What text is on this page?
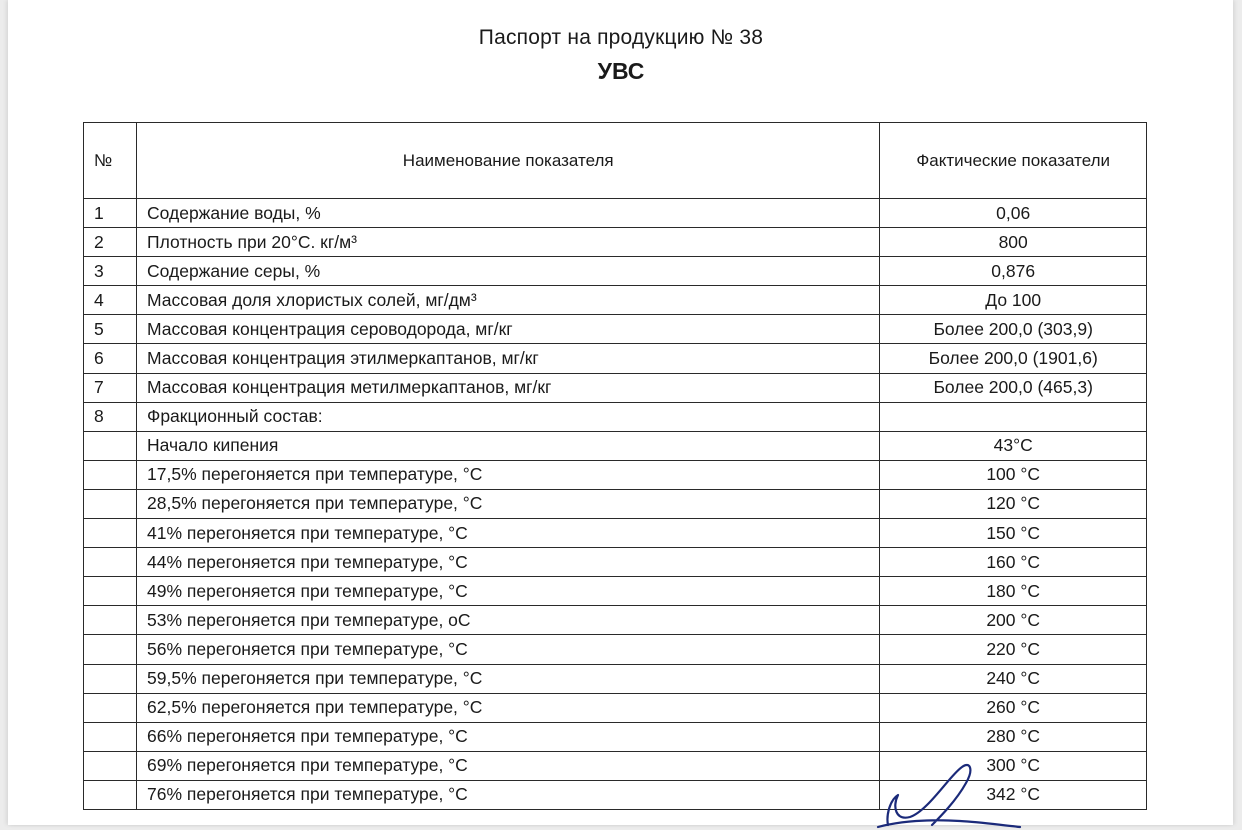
Паспорт на продукцию № 38
УВС
№	Наименование показателя	Фактические показатели
1	Содержание воды, %	0,06
2	Плотность при 20°С. кг/м³	800
3	Содержание серы, %	0,876
4	Массовая доля хлористых солей, мг/дм³	До 100
5	Массовая концентрация сероводорода, мг/кг	Более 200,0 (303,9)
6	Массовая концентрация этилмеркаптанов, мг/кг	Более 200,0 (1901,6)
7	Массовая концентрация метилмеркаптанов, мг/кг	Более 200,0 (465,3)
8	Фракционный состав:	
	Начало кипения	43°С
	17,5% перегоняется при температуре, °С	100 °С
	28,5% перегоняется при температуре, °С	120 °С
	41% перегоняется при температуре, °С	150 °С
	44% перегоняется при температуре, °С	160 °С
	49% перегоняется при температуре, °С	180 °С
	53% перегоняется при температуре, оС	200 °С
	56% перегоняется при температуре, °С	220 °С
	59,5% перегоняется при температуре, °С	240 °С
	62,5% перегоняется при температуре, °С	260 °С
	66% перегоняется при температуре, °С	280 °С
	69% перегоняется при температуре, °С	300 °С
	76% перегоняется при температуре, °С	342 °С
